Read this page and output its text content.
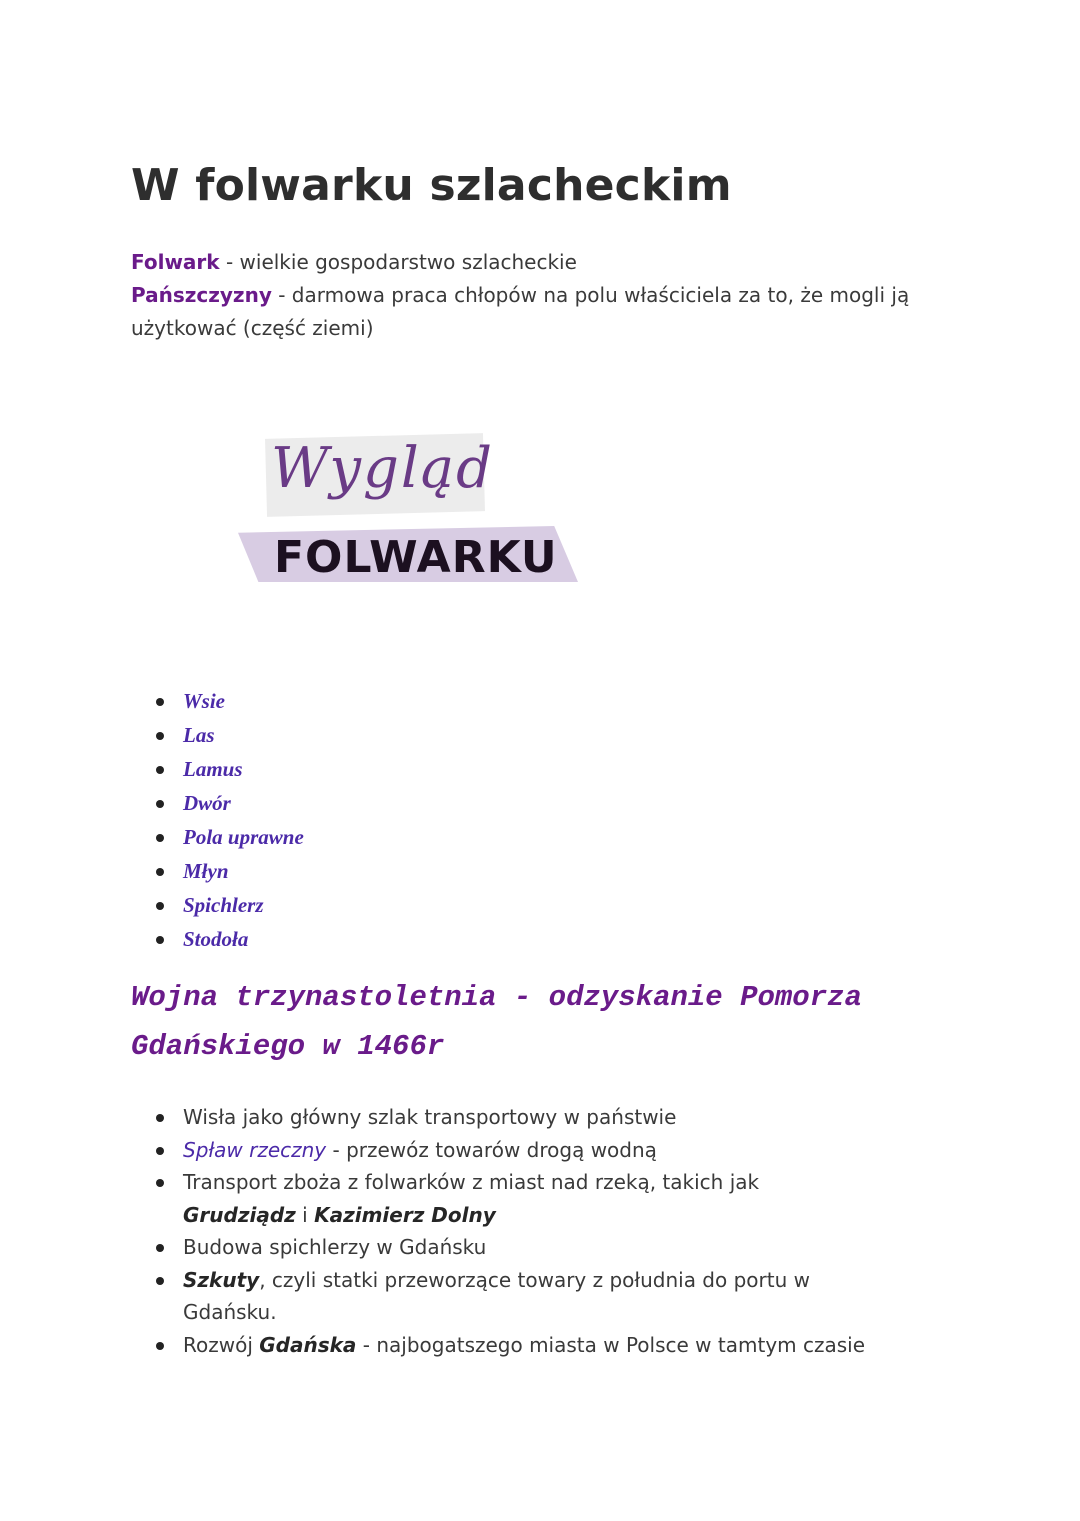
W folwarku szlacheckim

Folwark - wielkie gospodarstwo szlacheckie

Pańszczyzny - darmowa praca chłopów na polu właściciela za to, że mogli ją użytkować (część ziemi)

Wygląd
FOLWARKU
Wsie
Las
Lamus
Dwór
Pola uprawne
Młyn
Spichlerz
Stodoła
Wojna trzynastoletnia - odzyskanie Pomorza Gdańskiego w 1466r
Wisła jako główny szlak transportowy w państwie
Spław rzeczny - przewóz towarów drogą wodną
Transport zboża z folwarków z miast nad rzeką, takich jak Grudziądz i Kazimierz Dolny
Budowa spichlerzy w Gdańsku
Szkuty, czyli statki przeworzące towary z południa do portu w Gdańsku.
Rozwój Gdańska - najbogatszego miasta w Polsce w tamtym czasie
